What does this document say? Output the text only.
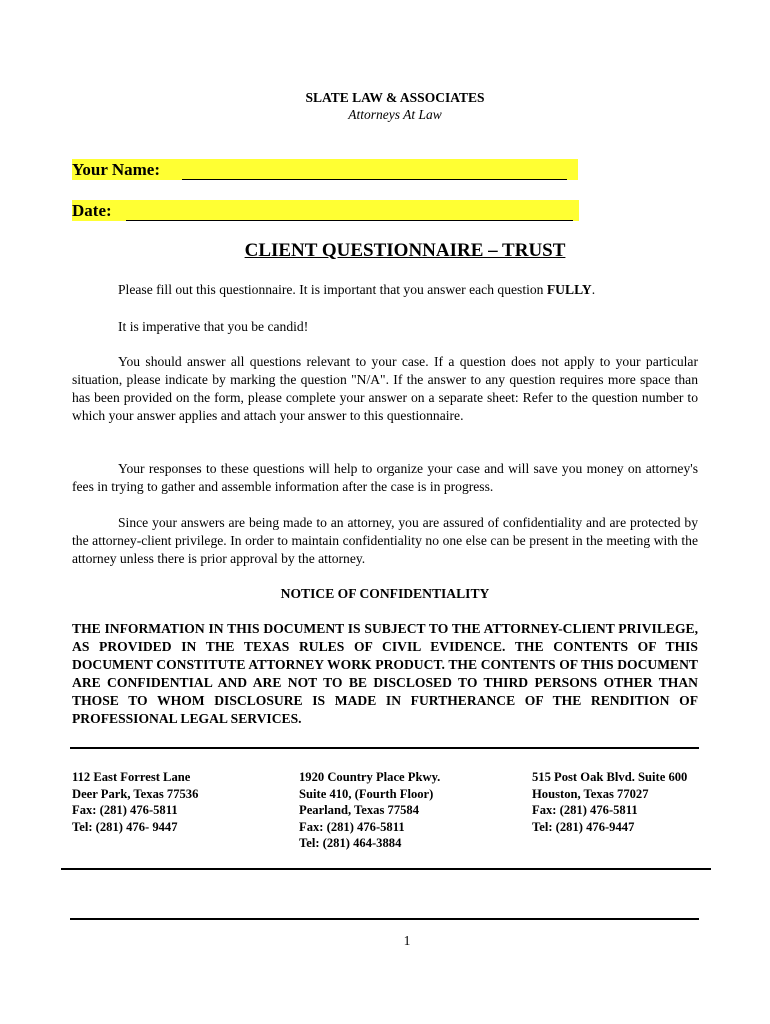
SLATE LAW & ASSOCIATES
Attorneys At Law
Your Name:
Date:
CLIENT QUESTIONNAIRE – TRUST
Please fill out this questionnaire. It is important that you answer each question FULLY.
It is imperative that you be candid!
You should answer all questions relevant to your case. If a question does not apply to your particular situation, please indicate by marking the question "N/A". If the answer to any question requires more space than has been provided on the form, please complete your answer on a separate sheet: Refer to the question number to which your answer applies and attach your answer to this questionnaire.
Your responses to these questions will help to organize your case and will save you money on attorney's fees in trying to gather and assemble information after the case is in progress.
Since your answers are being made to an attorney, you are assured of confidentiality and are protected by the attorney-client privilege. In order to maintain confidentiality no one else can be present in the meeting with the attorney unless there is prior approval by the attorney.
NOTICE OF CONFIDENTIALITY
THE INFORMATION IN THIS DOCUMENT IS SUBJECT TO THE ATTORNEY-CLIENT PRIVILEGE, AS PROVIDED IN THE TEXAS RULES OF CIVIL EVIDENCE. THE CONTENTS OF THIS DOCUMENT CONSTITUTE ATTORNEY WORK PRODUCT. THE CONTENTS OF THIS DOCUMENT ARE CONFIDENTIAL AND ARE NOT TO BE DISCLOSED TO THIRD PERSONS OTHER THAN THOSE TO WHOM DISCLOSURE IS MADE IN FURTHERANCE OF THE RENDITION OF PROFESSIONAL LEGAL SERVICES.
112 East Forrest Lane
Deer Park, Texas 77536
Fax: (281) 476-5811
Tel: (281) 476- 9447
1920 Country Place Pkwy.
Suite 410, (Fourth Floor)
Pearland, Texas 77584
Fax: (281) 476-5811
Tel: (281) 464-3884
515 Post Oak Blvd. Suite 600
Houston, Texas 77027
Fax: (281) 476-5811
Tel: (281) 476-9447
1
